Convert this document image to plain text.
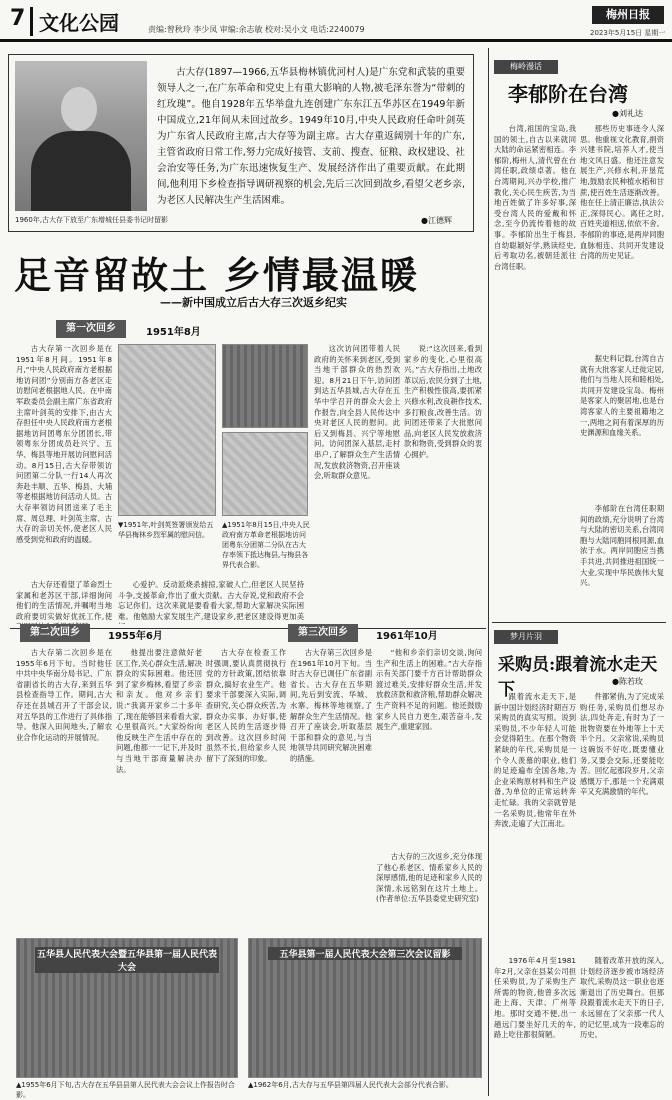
7 文化公园	责编:曾秋玲 李少凤 审编:余志敏 校对:吴小文 电话:2240079
梅州日报
2023年5月15日 星期一
1960年,古大存下放至广东增城任县委书记时留影

古大存(1897—1966,五华县梅林镇优河村人)是广东党和武装的重要领导人之一,在广东革命和党史上有重大影响的人物,被毛泽东誉为“带刺的红玫瑰”。他自1928年五华举盘九连创建广东东江五华苏区在1949年新中国成立,21年间从未回过故乡。1949年10月,中央人民政府任命叶剑英为广东省人民政府主席,古大存等为副主席。古大存重返阔别十年的广东,主管省政府日常工作,努力完成好接管、支前、搜查、征粮、政权建设、社会治安等任务,为广东迅速恢复生产、发展经济作出了重要贡献。在此期间,他利用下乡检查指导调研视察的机会,先后三次回到故乡,看望父老乡亲,为老区人民解决生产生活困难。

●江德辉
足音留故土 乡情最温暖
——新中国成立后古大存三次返乡纪实
第一次回乡	1951年8月

古大存第一次回乡是在1951年8月间。1951年8月,“中央人民政府南方老根据地访问团”分别南方各老区走访慰问老根据地人民。在中南军政委员会副主席广东省政府主席叶剑英的安排下,由古大存担任中央人民政府南方老根据地访问团粤东分团团长,带领粤东分团成员赴兴宁、五华、梅县等地开展访问慰问活动。8月15日,古大存带领访问团第二分队一行14人再次奔赴丰顺、五华、梅县、大埔等老根据地访问活动人员。古大存率领访问团送来了毛主席、周总理、叶剑英主席、古大存的亲切关怀,使老区人民感受到党和政府的温暖。

▲1951年8月15日,中央人民政府南方革命老根据地访问团粤东分团第二分队在古大存率领下抵达梅县,与梅县各界代表合影。

▼1951年,叶剑英签署颁发给五华县梅林乡烈军属的慰问信。

这次访问团带着人民政府的关怀来到老区,受到当地干部群众的热烈欢迎。8月21日下午,访问团到达五华县城,古大存在五华中学召开的群众大会上作报告,向全县人民传达中央对老区人民的慰问。此后又到梅县、兴宁等地慰问。访问团深入基层,走村串户,了解群众生产生活情况,发放救济物资,召开座谈会,听取群众意见。

说:“这次回来,看到家乡的变化,心里很高兴。”古大存指出,土地改革以后,农民分到了土地,生产积极性很高,要抓紧兴修水利,改良耕作技术,多打粮食,改善生活。访问团还带来了大批慰问品,向老区人民发放救济款和物资,受到群众的衷心拥护。

古大存还看望了革命烈士家属和老苏区干部,详细询问他们的生活情况,并嘱咐当地政府要切实做好优抚工作,使

心爱护。反动派烧杀掳掠,家破人亡,但老区人民坚持斗争,支援革命,作出了重大贡献。古大存说,党和政府不会忘记你们。这次来就是要看看大家,帮助大家解决实际困难。他勉励大家发展生产,建设家乡,把老区建设得更加美

第二次回乡	1955年6月

古大存第二次回乡是在1955年6月下旬。当时他任中共中央华南分局书记、广东省副省长的古大存,来到五华县检查指导工作。期间,古大存还在县城召开了干部会议,对五华县的工作进行了具体指导。他深入田间地头,了解农业合作化运动的开展情况。

他提出要注意做好老区工作,关心群众生活,解决群众的实际困难。他还回到了家乡梅林,看望了乡亲和亲友。他对乡亲们说:“我离开家乡二十多年了,现在能够回来看看大家,心里很高兴。”大家纷纷向他反映生产生活中存在的问题,他都一一记下,并及时与当地干部商量解决办法。

古大存在检查工作时强调,要认真贯彻执行党的方针政策,团结依靠群众,搞好农业生产。他要求干部要深入实际,调查研究,关心群众疾苦,为群众办实事、办好事,使老区人民的生活逐步得到改善。这次回乡时间虽然不长,但给家乡人民留下了深刻的印象。

第三次回乡	1961年10月

古大存第三次回乡是在1961年10月下旬。当时古大存已调任广东省副省长。古大存在五华期间,先后到安流、华城、水寨、梅林等地视察,了解群众生产生活情况。他召开了座谈会,听取基层干部和群众的意见,与当地领导共同研究解决困难的措施。

“他和乡亲们亲切交谈,询问生产和生活上的困难。”古大存指示有关部门要千方百计帮助群众渡过难关,安排好群众生活,并发放救济款和救济粮,帮助群众解决生产资料不足的问题。他还鼓励家乡人民自力更生,艰苦奋斗,发展生产,重建家园。

古大存的三次返乡,充分体现了他心系老区、情系家乡人民的深厚感情,他的足迹和家乡人民的深情,永远铭刻在这片土地上。(作者单位:五华县委党史研究室)

五华县人民代表大会暨五华县第一届人民代表大会

▲1955年6月下旬,古大存在五华县县第人民代表大会会议上作报告时合影。

五华县第一届人民代表大会第三次会议留影

▲1962年6月,古大存与五华县第四届人民代表大会部分代表合影。

梅岭漫话
李郁阶在台湾
●刘礼达

台湾,祖国的宝岛,我国的领土,自古以来就同大陆的命运紧密相连。李郁阶,梅州人,清代曾在台湾任职,政绩卓著。他在台湾期间,兴办学校,推广教化,关心民生疾苦,为当地百姓做了许多好事,深受台湾人民的爱戴和怀念,至今仍流传着他的故事。李郁阶出生于梅县,自幼聪颖好学,熟读经史,后考取功名,被朝廷派往台湾任职。

那些历史事迹令人深思。他重视文化教育,捐资兴建书院,培养人才,使当地文风日盛。他还注意发展生产,兴修水利,开垦荒地,鼓励农民种植水稻和甘蔗,使百姓生活逐渐改善。他在任上清正廉洁,执法公正,深得民心。离任之时,百姓夹道相送,依依不舍。李郁阶的事迹,是两岸同胞血脉相连、共同开发建设台湾的历史见证。

据史料记载,台湾自古就有大批客家人迁徙定居,他们与当地人民和睦相处,共同开发建设宝岛。梅州是客家人的聚居地,也是台湾客家人的主要祖籍地之一,两地之间有着深厚的历史渊源和血缘关系。

李郁阶在台湾任职期间的政绩,充分说明了台湾与大陆的密切关系,台湾同胞与大陆同胞同根同源,血浓于水。两岸同胞应当携手共进,共同推进祖国统一大业,实现中华民族伟大复兴。

梦月片羽
采购员:跟着流水走天下	●陈若玫

跟着流水走天下,是新中国计划经济时期百万采购员的真实写照。说到采购员,不少年轻人可能会觉得陌生。在那个物资紧缺的年代,采购员是一个令人羡慕的职业,他们的足迹遍布全国各地,为企业采购原材料和生产设备,为单位的正常运转奔走忙碌。我的父亲就曾是一名采购员,他常年在外奔波,走遍了大江南北。

件都紧俏,为了完成采购任务,采购员们想尽办法,四处奔走,有时为了一批物资要在外地等上十天半个月。父亲常说,采购员这碗饭不好吃,既要懂业务,又要会交际,还要能吃苦。回忆起那段岁月,父亲感慨万千,那是一个充满艰辛又充满激情的年代。

1976年4月至1981年2月,父亲在县某公司担任采购员,为了采购生产所需的物资,他曾多次远赴上海、天津、广州等地。那时交通不便,出一趟远门要坐好几天的车,路上吃住都很简陋。

随着改革开放的深入,计划经济逐步被市场经济取代,采购员这一职业也逐渐退出了历史舞台。但那段跟着流水走天下的日子,永远留在了父亲那一代人的记忆里,成为一段难忘的历史。
